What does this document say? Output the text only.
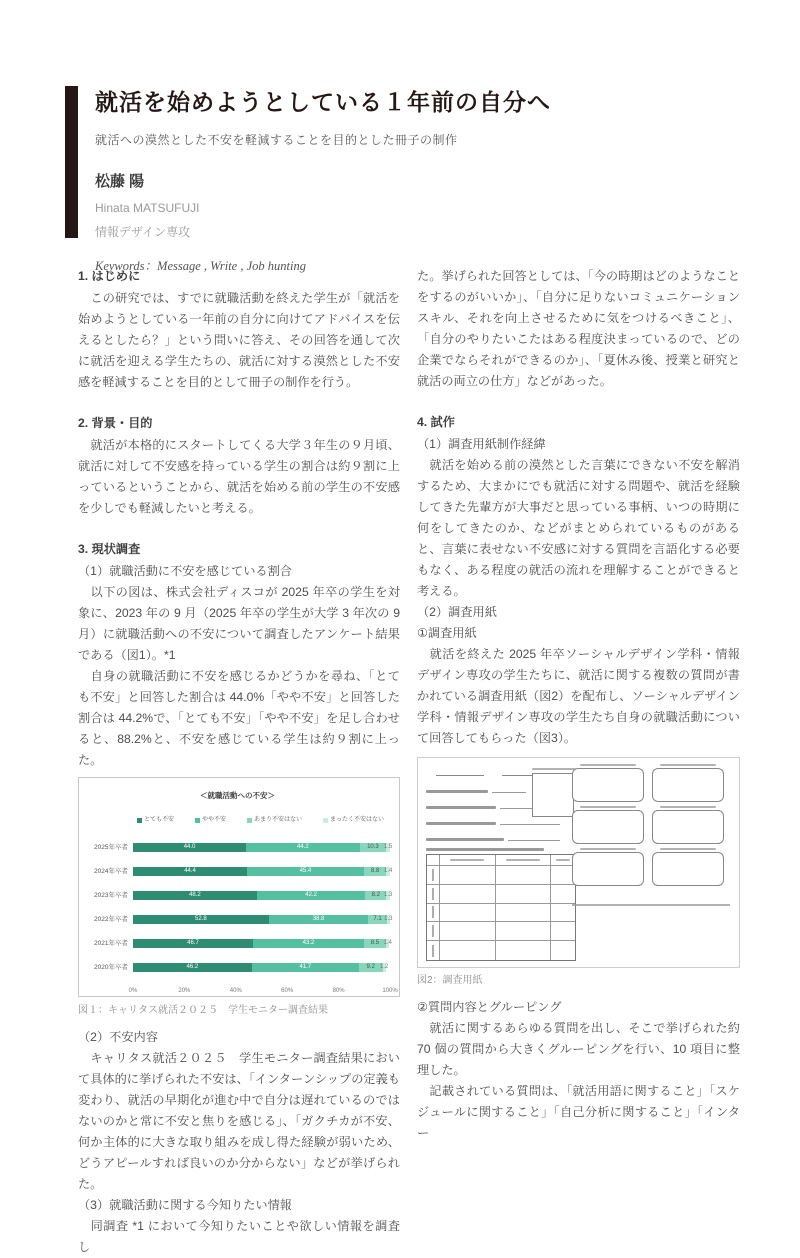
就活を始めようとしている１年前の自分へ

就活への漠然とした不安を軽減することを目的とした冊子の制作

松藤 陽

Hinata MATSUFUJI

情報デザイン専攻

Keywords：Message , Write , Job hunting

1. はじめに

　この研究では、すでに就職活動を終えた学生が「就活を始めようとしている一年前の自分に向けてアドバイスを伝えるとしたら？」という問いに答え、その回答を通して次に就活を迎える学生たちの、就活に対する漠然とした不安感を軽減することを目的として冊子の制作を行う。

2. 背景・目的

　就活が本格的にスタートしてくる大学３年生の９月頃、就活に対して不安感を持っている学生の割合は約９割に上っているということから、就活を始める前の学生の不安感を少しでも軽減したいと考える。

3. 現状調査

（1）就職活動に不安を感じている割合

　以下の図は、株式会社ディスコが 2025 年卒の学生を対象に、2023 年の 9 月（2025 年卒の学生が大学 3 年次の 9 月）に就職活動への不安について調査したアンケート結果である（図1）。*1

　自身の就職活動に不安を感じるかどうかを尋ね、「とても不安」と回答した割合は 44.0%「やや不安」と回答した割合は 44.2%で、「とても不安」「やや不安」を足し合わせると、88.2%と、不安を感じている学生は約９割に上った。

＜就職活動への不安＞

とても不安	やや不安	あまり不安はない	まったく不安はない
2025年卒者	44.0	44.2	10.3 1.5
2024年卒者	44.4	45.4	8.8 1.4
2023年卒者	48.2	42.2	8.2 1.3
2022年卒者	52.8	38.8	7.1 1.3
2021年卒者	46.7	43.2	8.5 1.4
2020年卒者	46.2	41.7	9.2 1.2
0%	20%	40%	60%	80%	100%

図１：キャリタス就活２０２５　学生モニター調査結果

（2）不安内容

　キャリタス就活２０２５　学生モニター調査結果において具体的に挙げられた不安は、「インターンシップの定義も変わり、就活の早期化が進む中で自分は遅れているのではないのかと常に不安と焦りを感じる」、「ガクチカが不安、何か主体的に大きな取り組みを成し得た経験が弱いため、どうアピールすれば良いのか分からない」などが挙げられた。

（3）就職活動に関する今知りたい情報

　同調査 *1 において今知りたいことや欲しい情報を調査し

た。挙げられた回答としては、「今の時期はどのようなことをするのがいいか」、「自分に足りないコミュニケーションスキル、それを向上させるために気をつけるべきこと」、「自分のやりたいこたはある程度決まっているので、どの企業でならそれができるのか」、「夏休み後、授業と研究と就活の両立の仕方」などがあった。

4. 試作

（1）調査用紙制作経緯

　就活を始める前の漠然とした言葉にできない不安を解消するため、大まかにでも就活に対する問題や、就活を経験してきた先輩方が大事だと思っている事柄、いつの時期に何をしてきたのか、などがまとめられているものがあると、言葉に表せない不安感に対する質問を言語化する必要もなく、ある程度の就活の流れを理解することができると考える。

（2）調査用紙

①調査用紙

　就活を終えた 2025 年卒ソーシャルデザイン学科・情報デザイン専攻の学生たちに、就活に関する複数の質問が書かれている調査用紙（図2）を配布し、ソーシャルデザイン学科・情報デザイン専攻の学生たち自身の就職活動について回答してもらった（図3）。

図2：調査用紙

②質問内容とグルーピング

　就活に関するあらゆる質問を出し、そこで挙げられた約 70 個の質問から大きくグルーピングを行い、10 項目に整理した。

　記載されている質問は、「就活用語に関すること」「スケジュールに関すること」「自己分析に関すること」「インター
